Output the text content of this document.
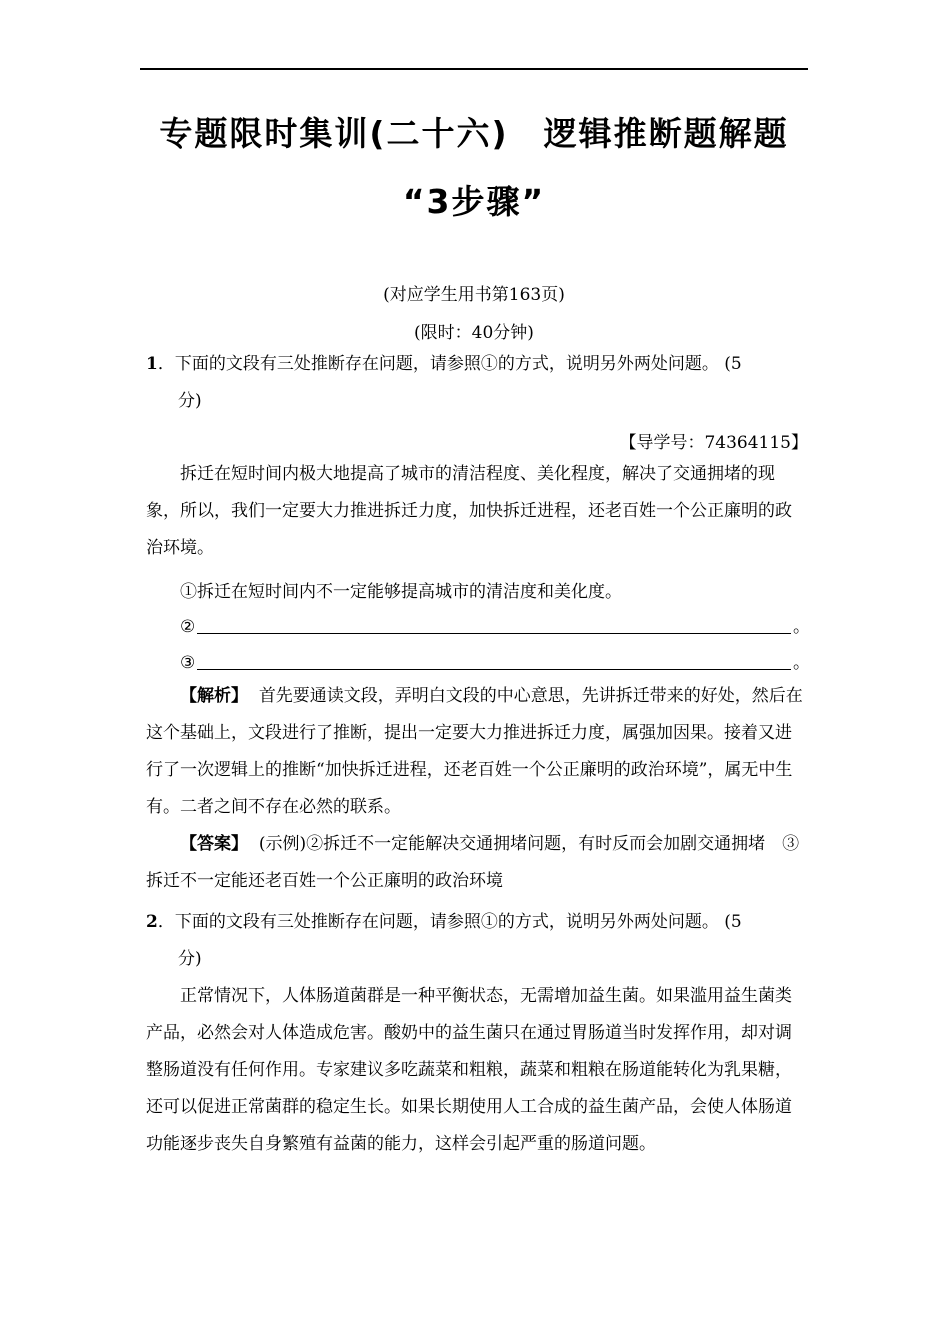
专题限时集训(二十六)　逻辑推断题解题
“3步骤”
(对应学生用书第163页)
(限时：40分钟)
1．下面的文段有三处推断存在问题，请参照①的方式，说明另外两处问题。 (5
分)
【导学号：74364115】
拆迁在短时间内极大地提高了城市的清洁程度、美化程度，解决了交通拥堵的现象，所以，我们一定要大力推进拆迁力度，加快拆迁进程，还老百姓一个公正廉明的政治环境。
①拆迁在短时间内不一定能够提高城市的清洁度和美化度。
②	。
③	。
【解析】 首先要通读文段，弄明白文段的中心意思，先讲拆迁带来的好处，然后在这个基础上，文段进行了推断，提出一定要大力推进拆迁力度，属强加因果。接着又进行了一次逻辑上的推断“加快拆迁进程，还老百姓一个公正廉明的政治环境”，属无中生有。二者之间不存在必然的联系。
【答案】 (示例)②拆迁不一定能解决交通拥堵问题，有时反而会加剧交通拥堵　③拆迁不一定能还老百姓一个公正廉明的政治环境
2．下面的文段有三处推断存在问题，请参照①的方式，说明另外两处问题。 (5
分)
正常情况下，人体肠道菌群是一种平衡状态，无需增加益生菌。如果滥用益生菌类产品，必然会对人体造成危害。酸奶中的益生菌只在通过胃肠道当时发挥作用，却对调整肠道没有任何作用。专家建议多吃蔬菜和粗粮，蔬菜和粗粮在肠道能转化为乳果糖，还可以促进正常菌群的稳定生长。如果长期使用人工合成的益生菌产品，会使人体肠道功能逐步丧失自身繁殖有益菌的能力，这样会引起严重的肠道问题。
